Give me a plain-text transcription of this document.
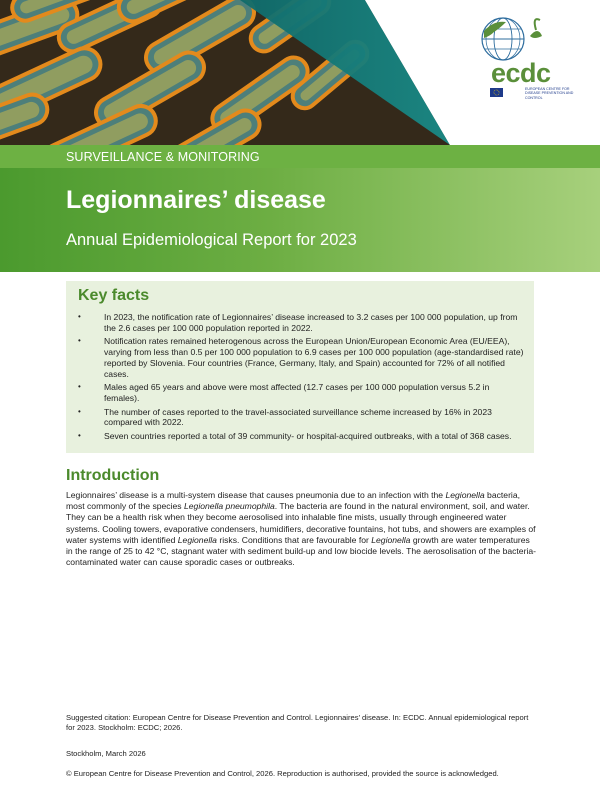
ecdc
EUROPEAN CENTRE FOR DISEASE PREVENTION AND CONTROL
SURVEILLANCE & MONITORING
Legionnaires’ disease
Annual Epidemiological Report for 2023
Key facts
•	In 2023, the notification rate of Legionnaires’ disease increased to 3.2 cases per 100 000 population, up from the 2.6 cases per 100 000 population reported in 2022.
•	Notification rates remained heterogenous across the European Union/European Economic Area (EU/EEA), varying from less than 0.5 per 100 000 population to 6.9 cases per 100 000 population (age-standardised rate) reported by Slovenia. Four countries (France, Germany, Italy, and Spain) accounted for 72% of all notified cases.
•	Males aged 65 years and above were most affected (12.7 cases per 100 000 population versus 5.2 in females).
•	The number of cases reported to the travel-associated surveillance scheme increased by 16% in 2023 compared with 2022.
•	Seven countries reported a total of 39 community- or hospital-acquired outbreaks, with a total of 368 cases.
Introduction

Legionnaires’ disease is a multi-system disease that causes pneumonia due to an infection with the Legionella bacteria, most commonly of the species Legionella pneumophila. The bacteria are found in the natural environment, soil, and water. They can be a health risk when they become aerosolised into inhalable fine mists, usually through engineered water systems. Cooling towers, evaporative condensers, humidifiers, decorative fountains, hot tubs, and showers are examples of water systems with identified Legionella risks. Conditions that are favourable for Legionella growth are water temperatures in the range of 25 to 42 °C, stagnant water with sediment build-up and low biocide levels. The aerosolisation of the bacteria-contaminated water can cause sporadic cases or outbreaks.

Suggested citation: European Centre for Disease Prevention and Control. Legionnaires’ disease. In: ECDC. Annual epidemiological report for 2023. Stockholm: ECDC; 2026.
Stockholm, March 2026
© European Centre for Disease Prevention and Control, 2026. Reproduction is authorised, provided the source is acknowledged.
